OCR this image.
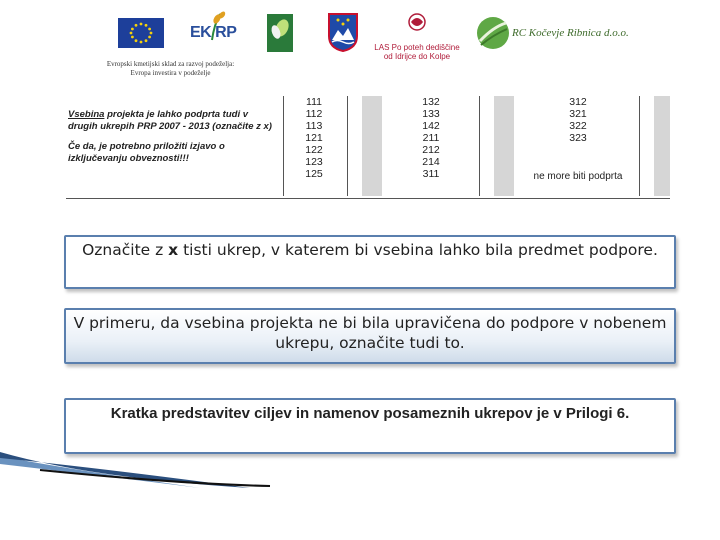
EK RP	LEADER	LAS Po poteh dediščine
od Idrijce do Kolpe
RC Kočevje Ribnica d.o.o.
Evropski kmetijski sklad za razvoj podeželja:
Evropa investira v podeželje
Vsebina projekta je lahko podprta tudi v drugih ukrepih PRP 2007 - 2013 (označite z x)
Če da, je potrebno priložiti izjavo o izključevanju obveznosti!!!
111
112
113
121
122
123
125
132
133
142
211
212
214
311
312
321
322
323
ne more biti podprta
Označite z x tisti ukrep, v katerem bi vsebina lahko bila predmet podpore.
V primeru, da vsebina projekta ne bi bila upravičena do podpore v nobenem ukrepu, označite tudi to.
Kratka predstavitev ciljev in namenov posameznih ukrepov je v Prilogi 6.
